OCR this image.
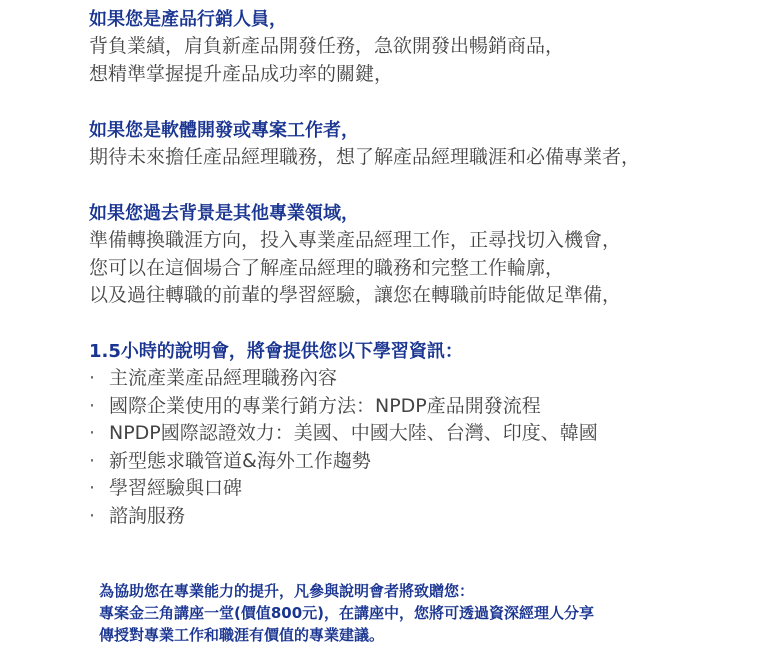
如果您是產品行銷人員，
背負業績，肩負新產品開發任務，急欲開發出暢銷商品，
想精準掌握提升產品成功率的關鍵，
如果您是軟體開發或專案工作者，
期待未來擔任產品經理職務，想了解產品經理職涯和必備專業者，
如果您過去背景是其他專業領域，
準備轉換職涯方向，投入專業產品經理工作，正尋找切入機會，
您可以在這個場合了解產品經理的職務和完整工作輪廓，
以及過往轉職的前輩的學習經驗，讓您在轉職前時能做足準備，
1.5小時的說明會，將會提供您以下學習資訊：
· 主流產業產品經理職務內容
· 國際企業使用的專業行銷方法：NPDP產品開發流程
· NPDP國際認證效力：美國、中國大陸、台灣、印度、韓國
· 新型態求職管道&海外工作趨勢
· 學習經驗與口碑
· 諮詢服務
為協助您在專業能力的提升，凡參與說明會者將致贈您：
專案金三角講座一堂(價值800元)，在講座中，您將可透過資深經理人分享
傳授對專業工作和職涯有價值的專業建議。
